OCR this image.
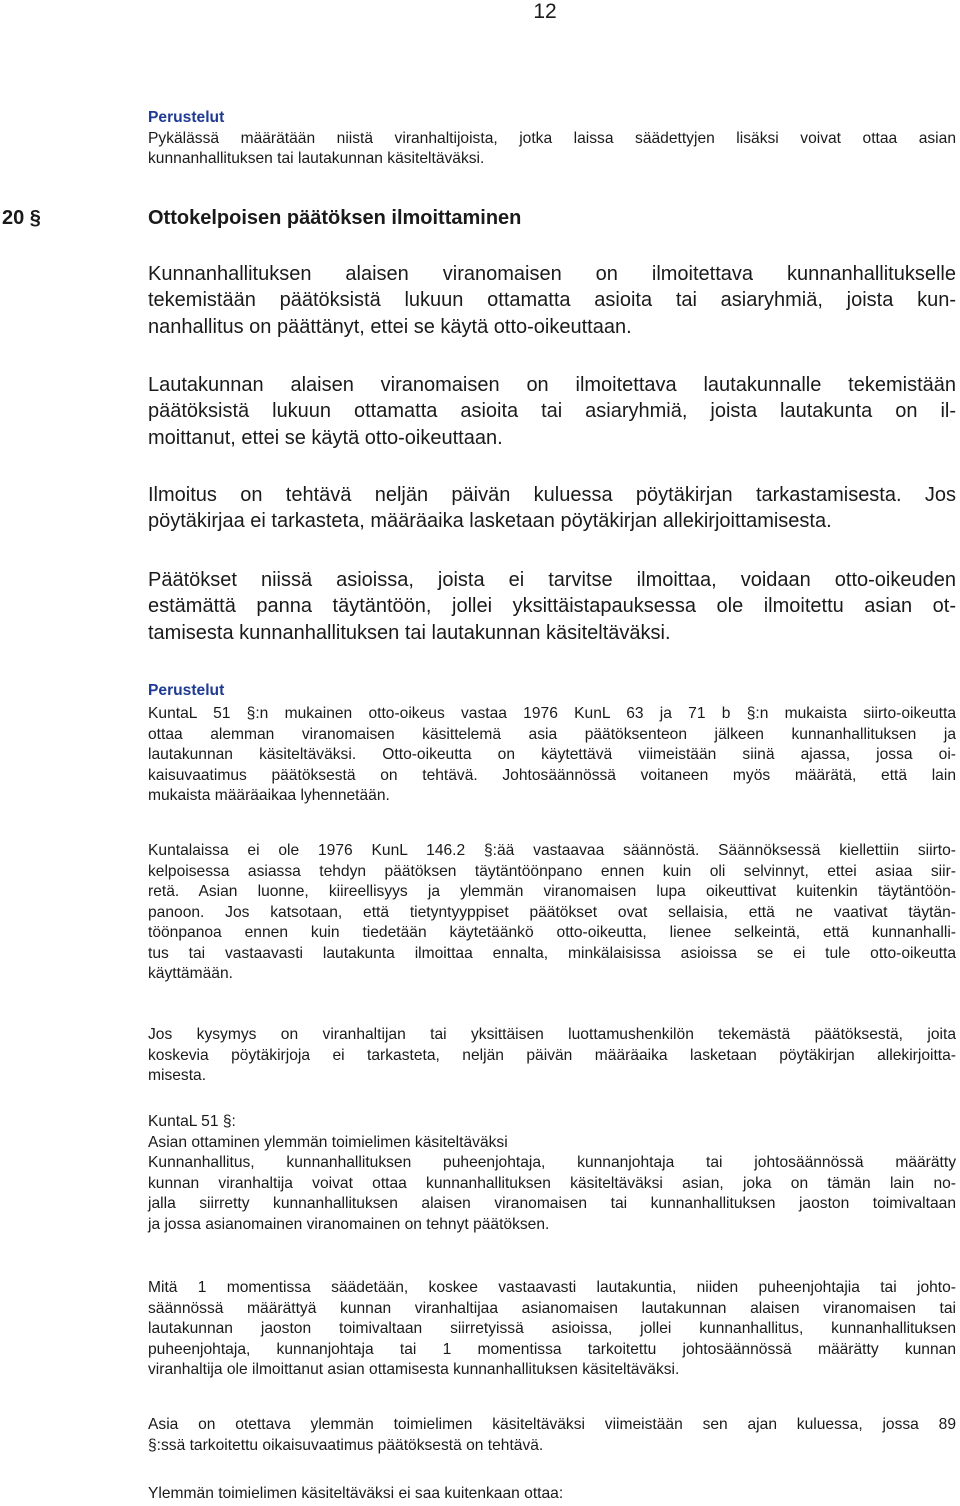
12
Perustelut
Pykälässä määrätään niistä viranhaltijoista, jotka laissa säädettyjen lisäksi voivat ottaa asian
kunnanhallituksen tai lautakunnan käsiteltäväksi.
20 §	Ottokelpoisen päätöksen ilmoittaminen
Kunnanhallituksen alaisen viranomaisen on ilmoitettava kunnanhallitukselle
tekemistään päätöksistä lukuun ottamatta asioita tai asiaryhmiä, joista kun-
nanhallitus on päättänyt, ettei se käytä otto-oikeuttaan.
Lautakunnan alaisen viranomaisen on ilmoitettava lautakunnalle tekemistään
päätöksistä lukuun ottamatta asioita tai asiaryhmiä, joista lautakunta on il-
moittanut, ettei se käytä otto-oikeuttaan.
Ilmoitus on tehtävä neljän päivän kuluessa pöytäkirjan tarkastamisesta. Jos
pöytäkirjaa ei tarkasteta, määräaika lasketaan pöytäkirjan allekirjoittamisesta.
Päätökset niissä asioissa, joista ei tarvitse ilmoittaa, voidaan otto-oikeuden
estämättä panna täytäntöön, jollei yksittäistapauksessa ole ilmoitettu asian ot-
tamisesta kunnanhallituksen tai lautakunnan käsiteltäväksi.
Perustelut
KuntaL 51 §:n mukainen otto-oikeus vastaa 1976 KunL 63 ja 71 b §:n mukaista siirto-oikeutta
ottaa alemman viranomaisen käsittelemä asia päätöksenteon jälkeen kunnanhallituksen ja
lautakunnan käsiteltäväksi. Otto-oikeutta on käytettävä viimeistään siinä ajassa, jossa oi-
kaisuvaatimus päätöksestä on tehtävä. Johtosäännössä voitaneen myös määrätä, että lain
mukaista määräaikaa lyhennetään.
Kuntalaissa ei ole 1976 KunL 146.2 §:ää vastaavaa säännöstä. Säännöksessä kiellettiin siirto-
kelpoisessa asiassa tehdyn päätöksen täytäntöönpano ennen kuin oli selvinnyt, ettei asiaa siir-
retä. Asian luonne, kiireellisyys ja ylemmän viranomaisen lupa oikeuttivat kuitenkin täytäntöön-
panoon. Jos katsotaan, että tietyntyyppiset päätökset ovat sellaisia, että ne vaativat täytän-
töönpanoa ennen kuin tiedetään käytetäänkö otto-oikeutta, lienee selkeintä, että kunnanhalli-
tus tai vastaavasti lautakunta ilmoittaa ennalta, minkälaisissa asioissa se ei tule otto-oikeutta
käyttämään.
Jos kysymys on viranhaltijan tai yksittäisen luottamushenkilön tekemästä päätöksestä, joita
koskevia pöytäkirjoja ei tarkasteta, neljän päivän määräaika lasketaan pöytäkirjan allekirjoitta-
misesta.
KuntaL 51 §:
Asian ottaminen ylemmän toimielimen käsiteltäväksi
Kunnanhallitus, kunnanhallituksen puheenjohtaja, kunnanjohtaja tai johtosäännössä määrätty
kunnan viranhaltija voivat ottaa kunnanhallituksen käsiteltäväksi asian, joka on tämän lain no-
jalla siirretty kunnanhallituksen alaisen viranomaisen tai kunnanhallituksen jaoston toimivaltaan
ja jossa asianomainen viranomainen on tehnyt päätöksen.
Mitä 1 momentissa säädetään, koskee vastaavasti lautakuntia, niiden puheenjohtajia tai johto-
säännössä määrättyä kunnan viranhaltijaa asianomaisen lautakunnan alaisen viranomaisen tai
lautakunnan jaoston toimivaltaan siirretyissä asioissa, jollei kunnanhallitus, kunnanhallituksen
puheenjohtaja, kunnanjohtaja tai 1 momentissa tarkoitettu johtosäännössä määrätty kunnan
viranhaltija ole ilmoittanut asian ottamisesta kunnanhallituksen käsiteltäväksi.
Asia on otettava ylemmän toimielimen käsiteltäväksi viimeistään sen ajan kuluessa, jossa 89
§:ssä tarkoitettu oikaisuvaatimus päätöksestä on tehtävä.
Ylemmän toimielimen käsiteltäväksi ei saa kuitenkaan ottaa:
